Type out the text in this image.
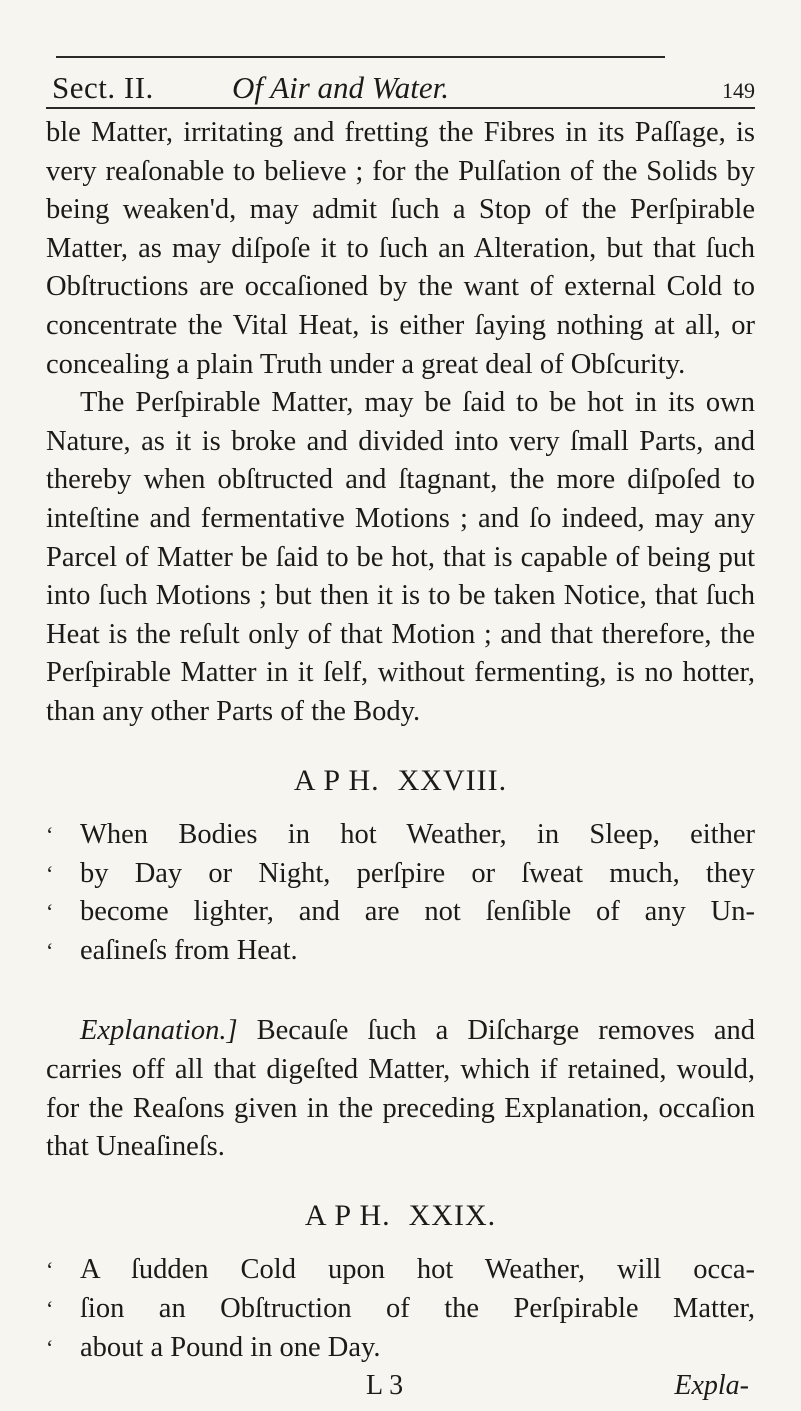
Sect. II.	Of Air and Water.	149

ble Matter, irritating and fretting the Fibres in its Paſſage, is very reaſonable to believe ; for the Pulſation of the Solids by being weaken'd, may admit ſuch a Stop of the Perſpirable Matter, as may diſpoſe it to ſuch an Alteration, but that ſuch Obſtructions are occaſioned by the want of external Cold to concentrate the Vital Heat, is either ſaying nothing at all, or concealing a plain Truth under a great deal of Obſcurity.

The Perſpirable Matter, may be ſaid to be hot in its own Nature, as it is broke and divided into very ſmall Parts, and thereby when obſtructed and ſtagnant, the more diſpoſed to inteſtine and fermentative Motions ; and ſo indeed, may any Parcel of Matter be ſaid to be hot, that is capable of being put into ſuch Motions ; but then it is to be taken Notice, that ſuch Heat is the reſult only of that Motion ; and that therefore, the Perſpirable Matter in it ſelf, without fermenting, is no hotter, than any other Parts of the Body.

A P H. XXVIII.
‘ When Bodies in hot Weather, in Sleep, either
‘ by Day or Night, perſpire or ſweat much, they
‘ become lighter, and are not ſenſible of any Un-
‘ eaſineſs from Heat.

Explanation.] Becauſe ſuch a Diſcharge removes and carries off all that digeſted Matter, which if retained, would, for the Reaſons given in the preceding Explanation, occaſion that Uneaſineſs.

A P H. XXIX.
‘ A ſudden Cold upon hot Weather, will occa-
‘ ſion an Obſtruction of the Perſpirable Matter,
‘ about a Pound in one Day.
L 3	Expla-
